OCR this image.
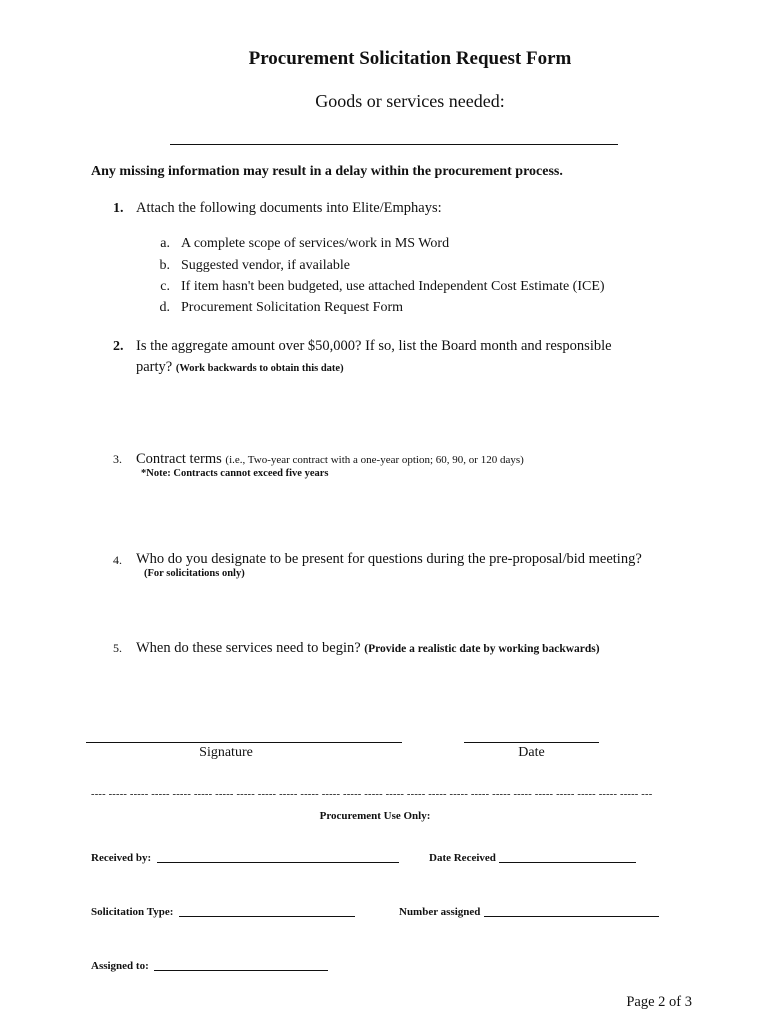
Procurement Solicitation Request Form
Goods or services needed:
Any missing information may result in a delay within the procurement process.
1. Attach the following documents into Elite/Emphays:
a. A complete scope of services/work in MS Word
b. Suggested vendor, if available
c. If item hasn't been budgeted, use attached Independent Cost Estimate (ICE)
d. Procurement Solicitation Request Form
2. Is the aggregate amount over $50,000? If so, list the Board month and responsible
party? (Work backwards to obtain this date)
3. Contract terms (i.e., Two-year contract with a one-year option; 60, 90, or 120 days)
*Note: Contracts cannot exceed five years
4. Who do you designate to be present for questions during the pre-proposal/bid meeting?
(For solicitations only)
5. When do these services need to begin? (Provide a realistic date by working backwards)
Signature	Date
---- ----- ----- ----- ----- ----- ----- ----- ----- ----- ----- ----- ----- ----- ----- ----- ----- ----- ----- ----- ----- ----- ----- ----- ----- ----- ---
Procurement Use Only:
Received by:	Date Received
Solicitation Type:	Number assigned
Assigned to:
Page 2 of 3
